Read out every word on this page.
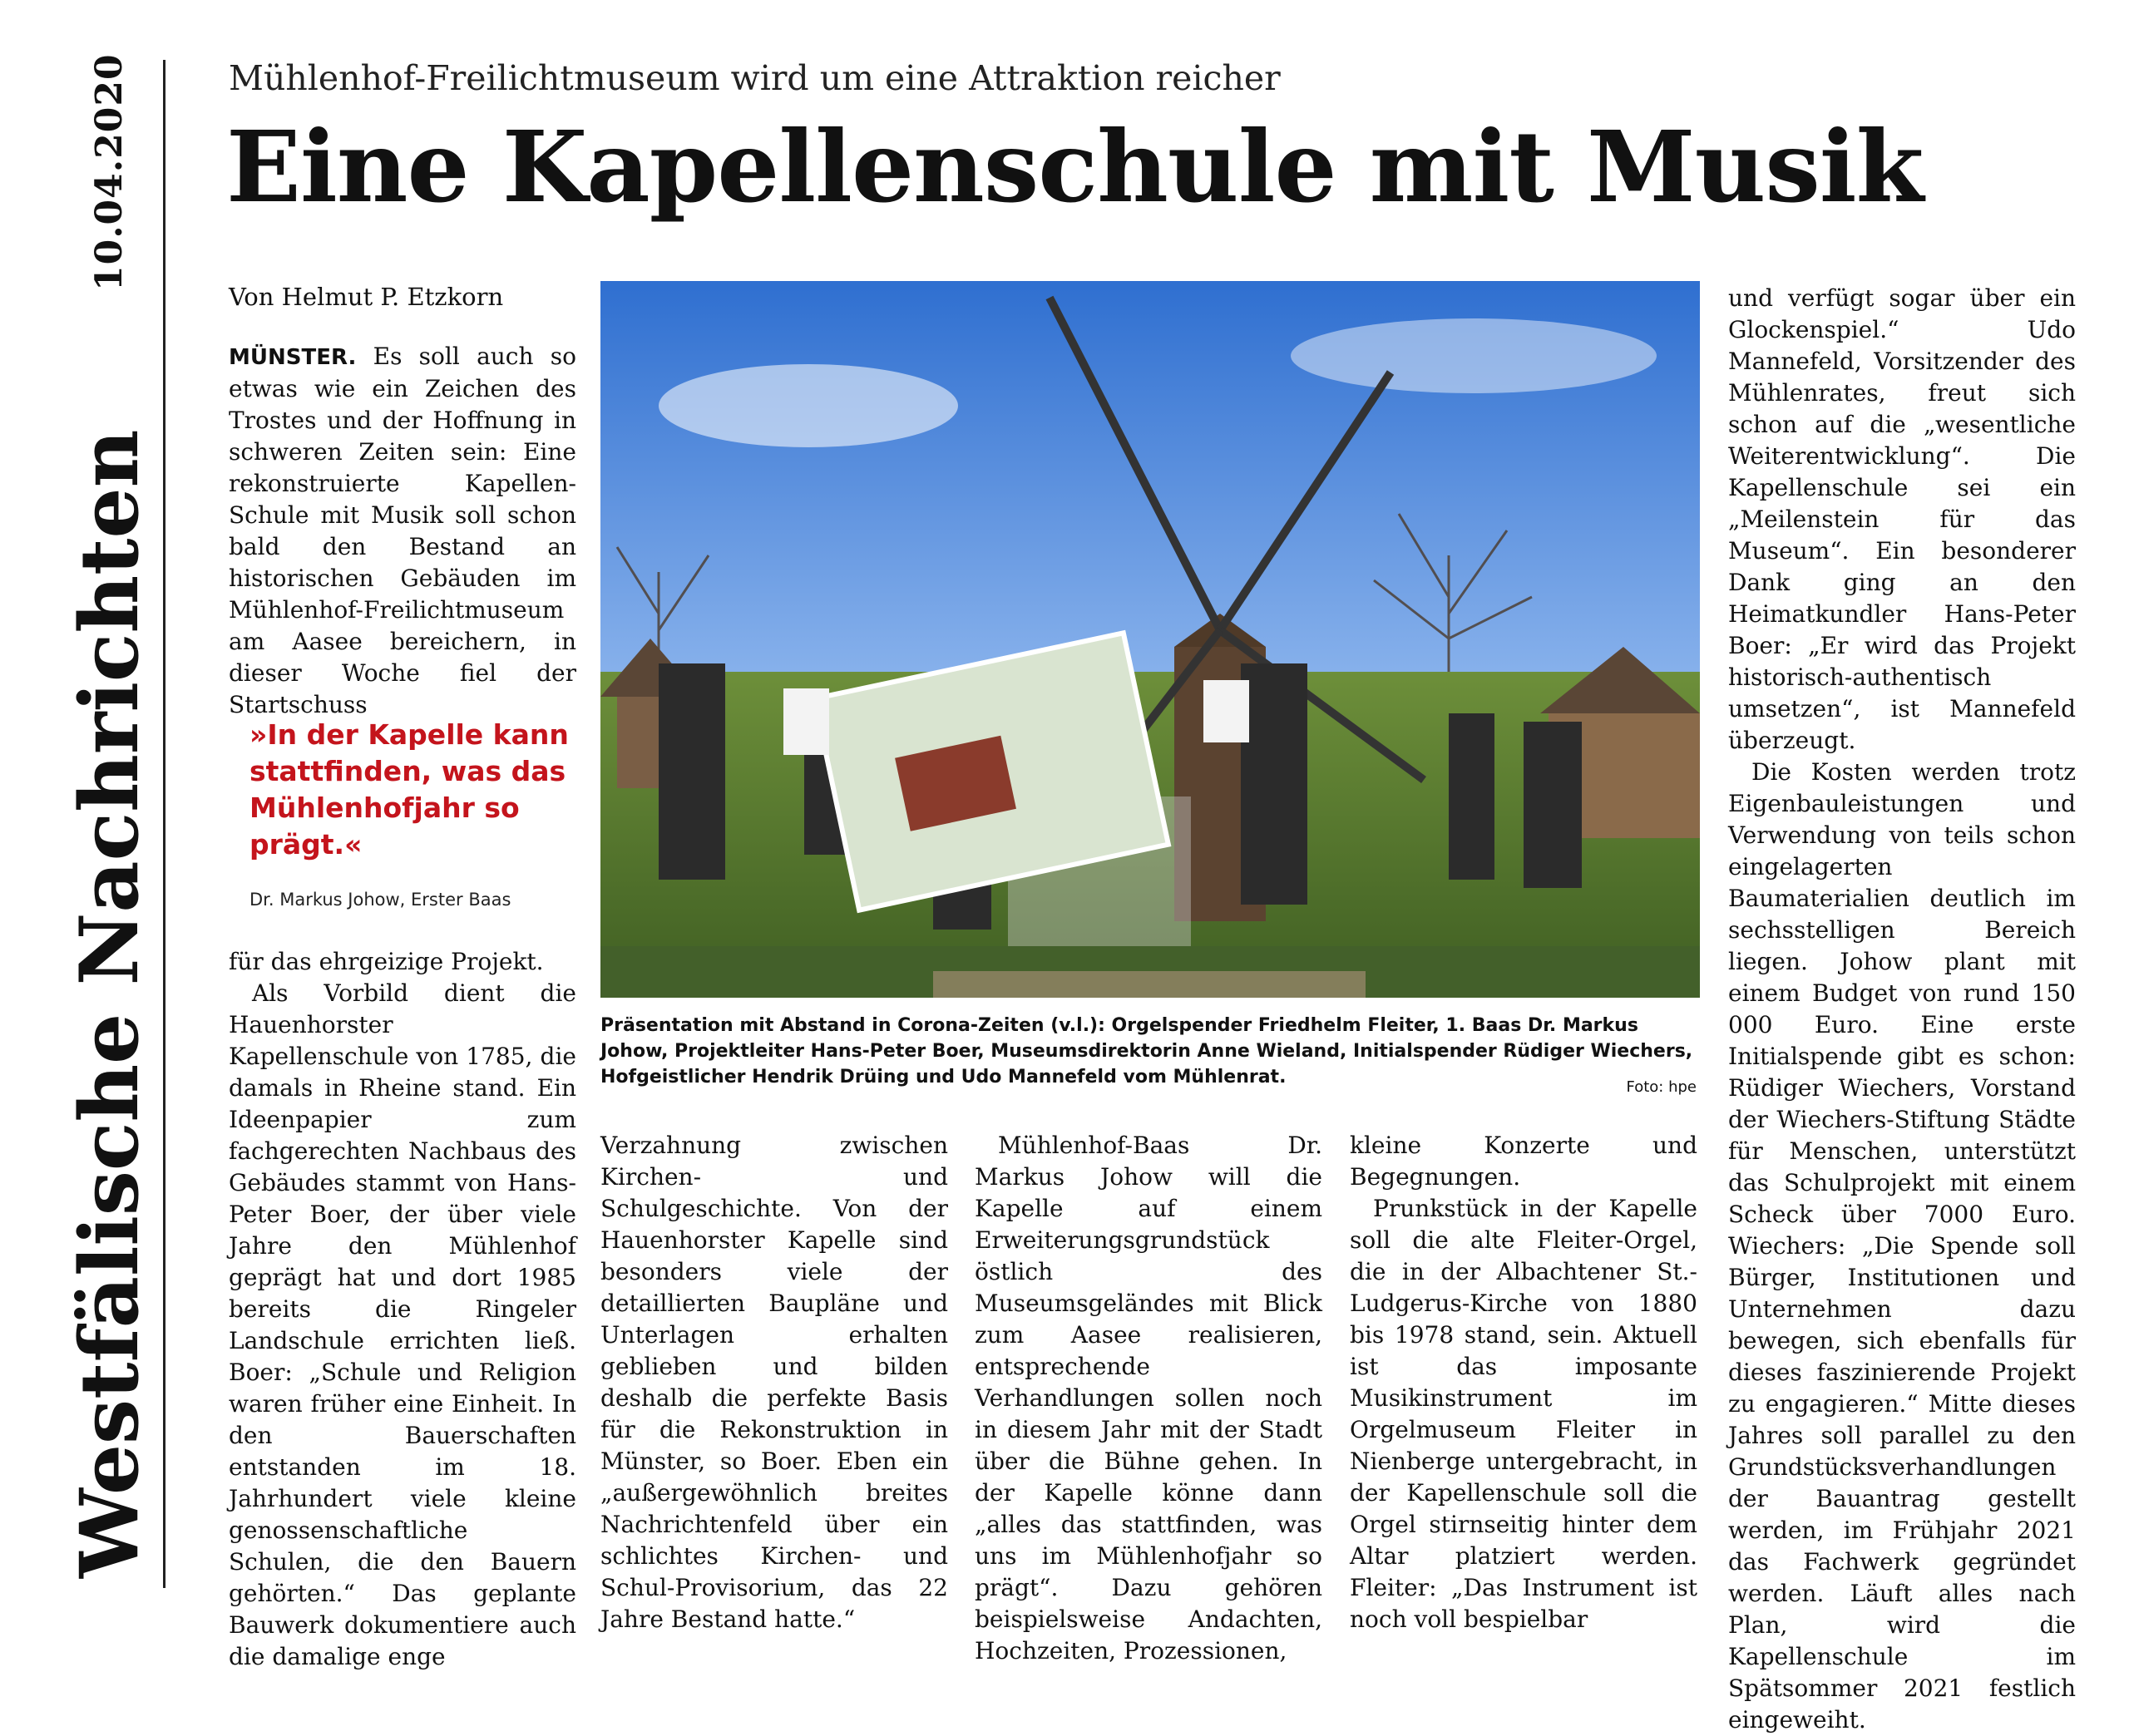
10.04.2020
Westfälische Nachrichten
Mühlenhof-Freilichtmuseum wird um eine Attraktion reicher
Eine Kapellenschule mit Musik
Von Helmut P. Etzkorn

MÜNSTER. Es soll auch so etwas wie ein Zeichen des Trostes und der Hoffnung in schweren Zeiten sein: Eine rekonstruierte Kapellen-Schule mit Musik soll schon bald den Bestand an historischen Gebäuden im Mühlenhof-Freilichtmuseum am Aasee bereichern, in dieser Woche fiel der Startschuss

»In der Kapelle kann stattfinden, was das Mühlenhofjahr so prägt.«
Dr. Markus Johow, Erster Baas

für das ehrgeizige Projekt.

Als Vorbild dient die Hauenhorster Kapellenschule von 1785, die damals in Rheine stand. Ein Ideenpapier zum fachgerechten Nachbaus des Gebäudes stammt von Hans-Peter Boer, der über viele Jahre den Mühlenhof geprägt hat und dort 1985 bereits die Ringeler Landschule errichten ließ. Boer: „Schule und Religion waren früher eine Einheit. In den Bauerschaften entstanden im 18. Jahrhundert viele kleine genossenschaftliche Schulen, die den Bauern gehörten.“ Das geplante Bauwerk dokumentiere auch die damalige enge

Präsentation mit Abstand in Corona-Zeiten (v.l.): Orgelspender Friedhelm Fleiter, 1. Baas Dr. Markus Johow, Projektleiter Hans-Peter Boer, Museumsdirektorin Anne Wieland, Initialspender Rüdiger Wiechers, Hofgeistlicher Hendrik Drüing und Udo Mannefeld vom Mühlenrat.	Foto: hpe

Verzahnung zwischen Kirchen- und Schulgeschichte. Von der Hauenhorster Kapelle sind besonders viele der detaillierten Baupläne und Unterlagen erhalten geblieben und bilden deshalb die perfekte Basis für die Rekonstruktion in Münster, so Boer. Eben ein „außergewöhnlich breites Nachrichtenfeld über ein schlichtes Kirchen- und Schul-Provisorium, das 22 Jahre Bestand hatte.“

Mühlenhof-Baas Dr. Markus Johow will die Kapelle auf einem Erweiterungsgrundstück östlich des Museumsgeländes mit Blick zum Aasee realisieren, entsprechende Verhandlungen sollen noch in diesem Jahr mit der Stadt über die Bühne gehen. In der Kapelle könne dann „alles das stattfinden, was uns im Mühlenhofjahr so prägt“. Dazu gehören beispielsweise Andachten, Hochzeiten, Prozessionen,

kleine Konzerte und Begegnungen.

Prunkstück in der Kapelle soll die alte Fleiter-Orgel, die in der Albachtener St.-Ludgerus-Kirche von 1880 bis 1978 stand, sein. Aktuell ist das imposante Musikinstrument im Orgelmuseum Fleiter in Nienberge untergebracht, in der Kapellenschule soll die Orgel stirnseitig hinter dem Altar platziert werden. Fleiter: „Das Instrument ist noch voll bespielbar

und verfügt sogar über ein Glockenspiel.“ Udo Mannefeld, Vorsitzender des Mühlenrates, freut sich schon auf die „wesentliche Weiterentwicklung“. Die Kapellenschule sei ein „Meilenstein für das Museum“. Ein besonderer Dank ging an den Heimatkundler Hans-Peter Boer: „Er wird das Projekt historisch-authentisch umsetzen“, ist Mannefeld überzeugt.

Die Kosten werden trotz Eigenbauleistungen und Verwendung von teils schon eingelagerten Baumaterialien deutlich im sechsstelligen Bereich liegen. Johow plant mit einem Budget von rund 150 000 Euro. Eine erste Initialspende gibt es schon: Rüdiger Wiechers, Vorstand der Wiechers-Stiftung Städte für Menschen, unterstützt das Schulprojekt mit einem Scheck über 7000 Euro. Wiechers: „Die Spende soll Bürger, Institutionen und Unternehmen dazu bewegen, sich ebenfalls für dieses faszinierende Projekt zu engagieren.“ Mitte dieses Jahres soll parallel zu den Grundstücksverhandlungen der Bauantrag gestellt werden, im Frühjahr 2021 das Fachwerk gegründet werden. Läuft alles nach Plan, wird die Kapellenschule im Spätsommer 2021 festlich eingeweiht.
